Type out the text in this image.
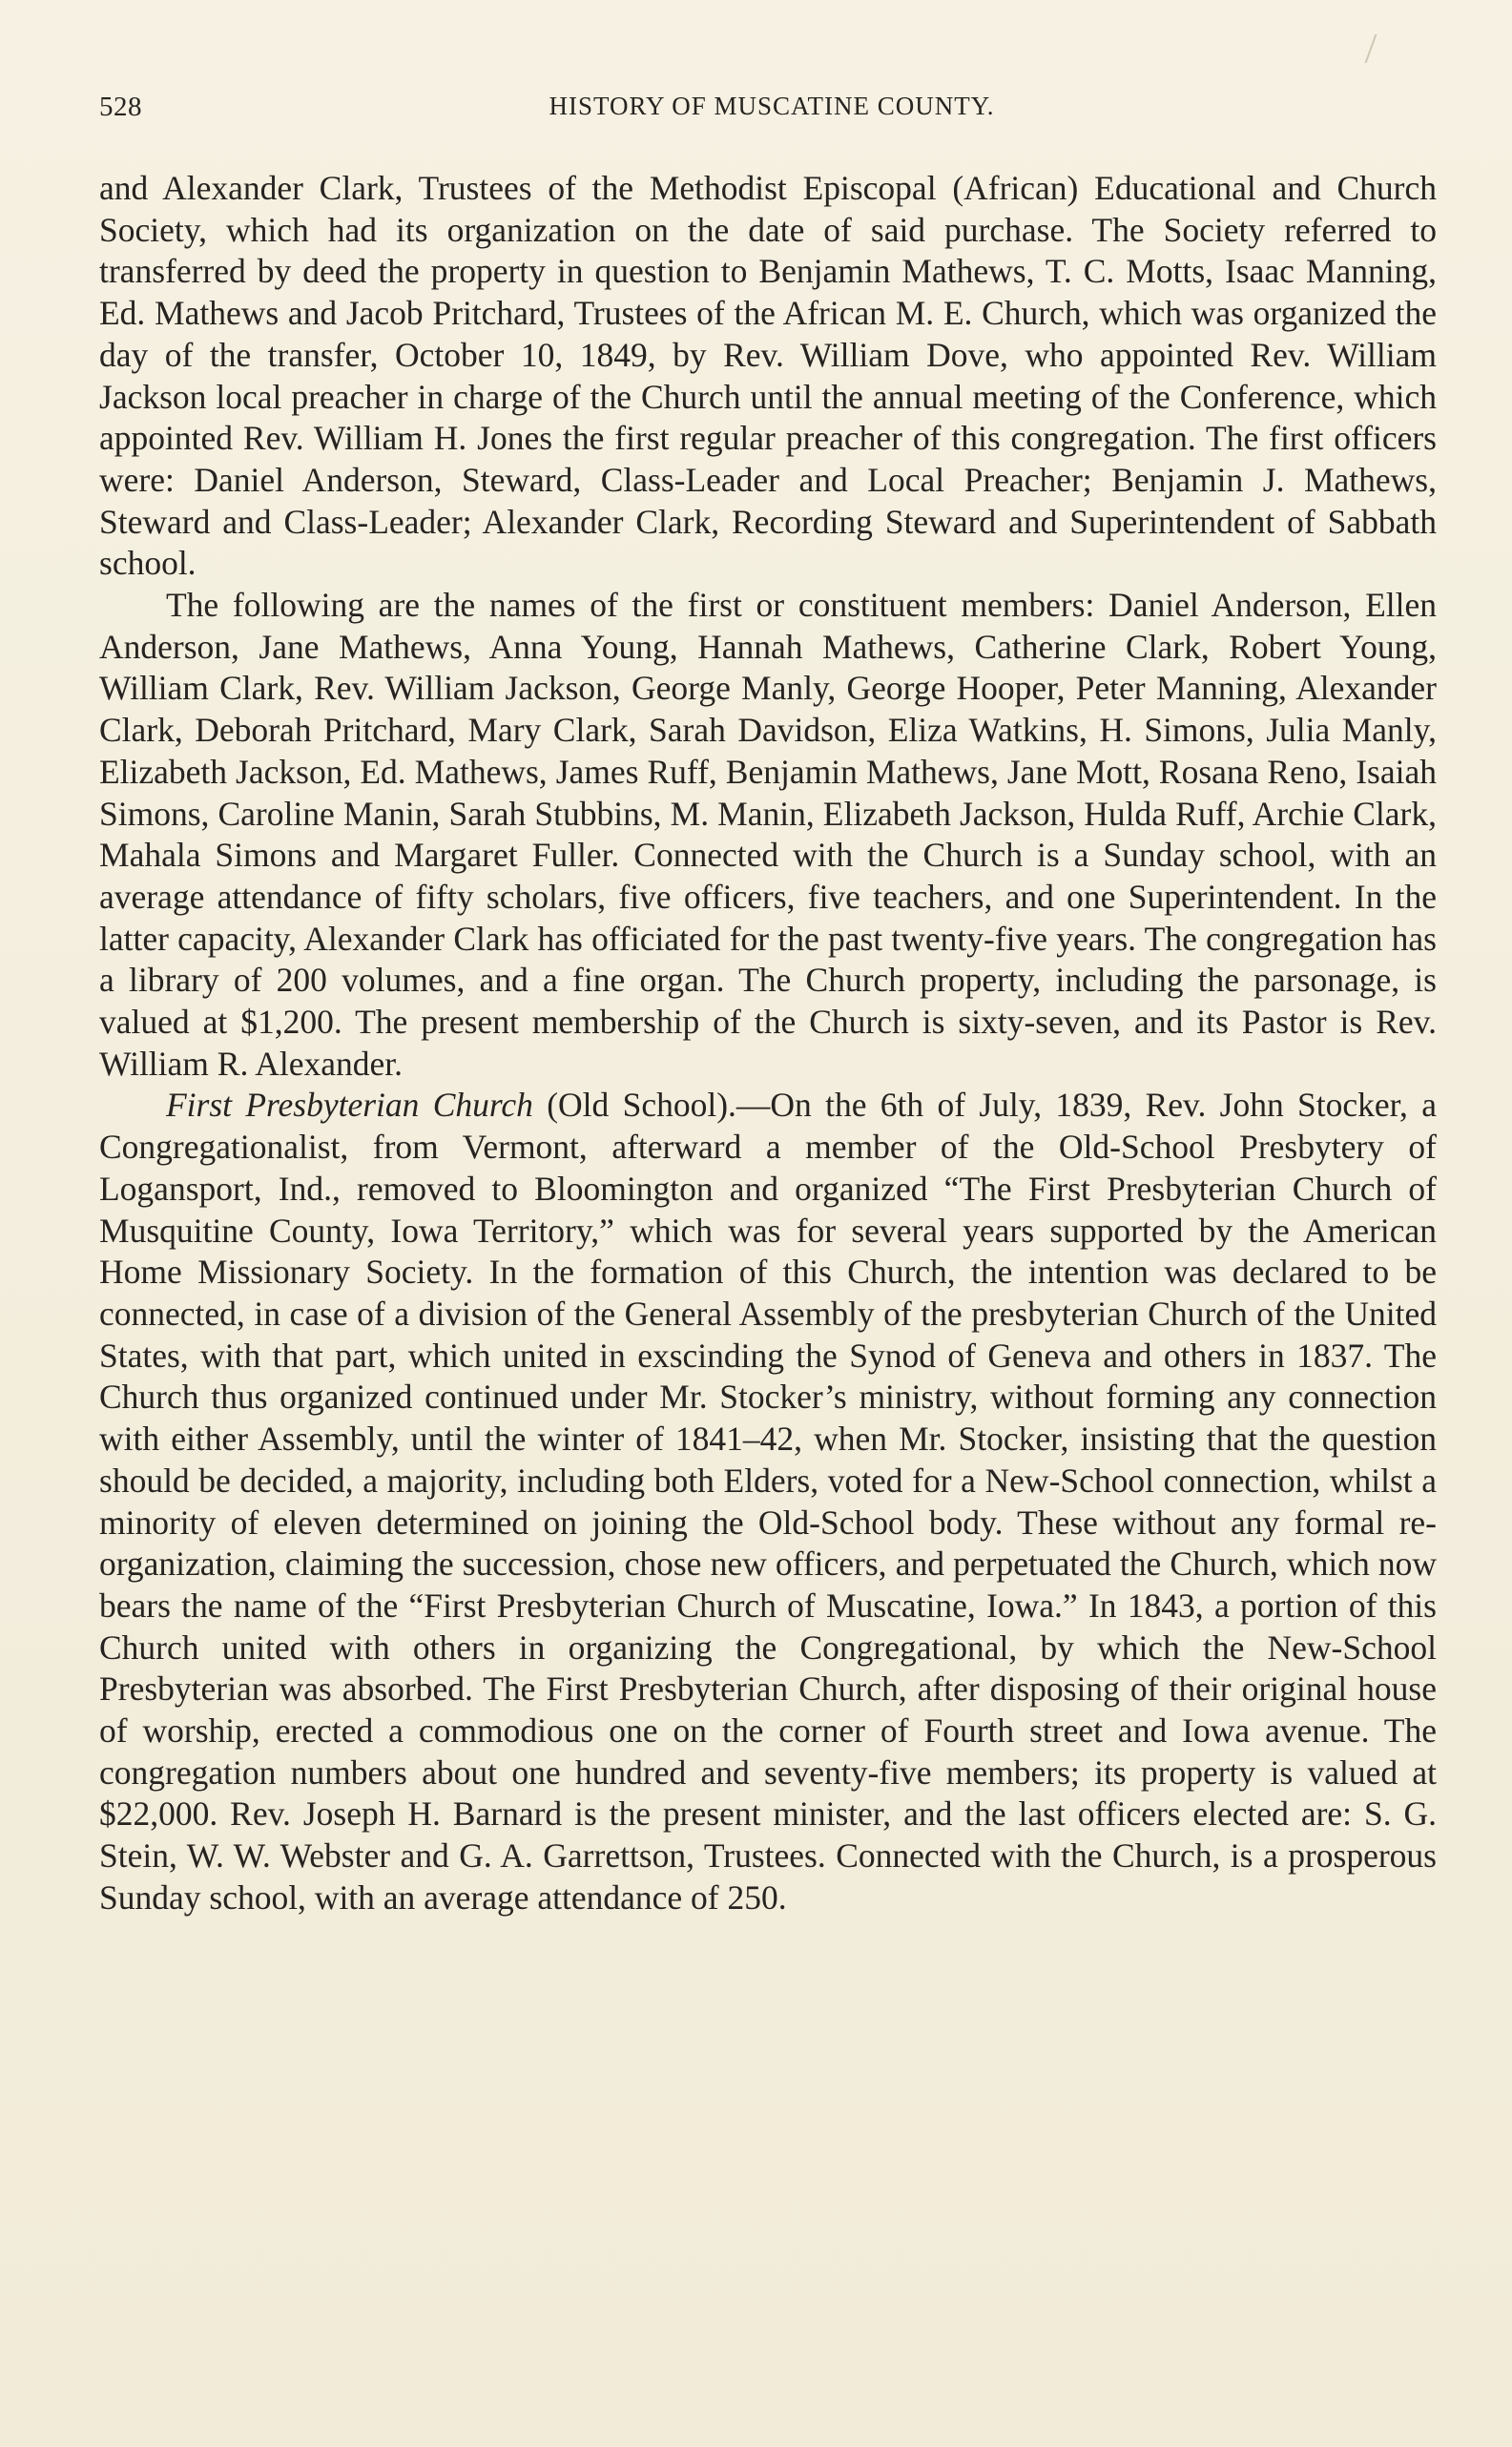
528	HISTORY OF MUSCATINE COUNTY.

and Alexander Clark, Trustees of the Methodist Episcopal (African) Educational and Church Society, which had its organization on the date of said purchase. The Society referred to transferred by deed the property in question to Benjamin Mathews, T. C. Motts, Isaac Manning, Ed. Mathews and Jacob Pritchard, Trustees of the African M. E. Church, which was organized the day of the transfer, October 10, 1849, by Rev. William Dove, who appointed Rev. William Jackson local preacher in charge of the Church until the annual meeting of the Conference, which appointed Rev. William H. Jones the first regular preacher of this congregation. The first officers were: Daniel Anderson, Steward, Class-Leader and Local Preacher; Benjamin J. Mathews, Steward and Class-Leader; Alexander Clark, Recording Steward and Superintendent of Sabbath school.

The following are the names of the first or constituent members: Daniel Anderson, Ellen Anderson, Jane Mathews, Anna Young, Hannah Mathews, Catherine Clark, Robert Young, William Clark, Rev. William Jackson, George Manly, George Hooper, Peter Manning, Alexander Clark, Deborah Pritchard, Mary Clark, Sarah Davidson, Eliza Watkins, H. Simons, Julia Manly, Elizabeth Jackson, Ed. Mathews, James Ruff, Benjamin Mathews, Jane Mott, Rosana Reno, Isaiah Simons, Caroline Manin, Sarah Stubbins, M. Manin, Elizabeth Jackson, Hulda Ruff, Archie Clark, Mahala Simons and Margaret Fuller. Connected with the Church is a Sunday school, with an average attendance of fifty scholars, five officers, five teachers, and one Superintendent. In the latter capacity, Alexander Clark has officiated for the past twenty-five years. The congregation has a library of 200 volumes, and a fine organ. The Church property, including the parsonage, is valued at $1,200. The present membership of the Church is sixty-seven, and its Pastor is Rev. William R. Alexander.

First Presbyterian Church (Old School).—On the 6th of July, 1839, Rev. John Stocker, a Congregationalist, from Vermont, afterward a member of the Old-School Presbytery of Logansport, Ind., removed to Bloomington and organized “The First Presbyterian Church of Musquitine County, Iowa Territory,” which was for several years supported by the American Home Missionary Society. In the formation of this Church, the intention was declared to be connected, in case of a division of the General Assembly of the presbyterian Church of the United States, with that part, which united in exscinding the Synod of Geneva and others in 1837. The Church thus organized continued under Mr. Stocker’s ministry, without forming any connection with either Assembly, until the winter of 1841–42, when Mr. Stocker, insisting that the question should be decided, a majority, including both Elders, voted for a New-School connection, whilst a minority of eleven determined on joining the Old-School body. These without any formal re-organization, claiming the succession, chose new officers, and perpetuated the Church, which now bears the name of the “First Presbyterian Church of Muscatine, Iowa.” In 1843, a portion of this Church united with others in organizing the Congregational, by which the New-School Presbyterian was absorbed. The First Presbyterian Church, after disposing of their original house of worship, erected a commodious one on the corner of Fourth street and Iowa avenue. The congregation numbers about one hundred and seventy-five members; its property is valued at $22,000. Rev. Joseph H. Barnard is the present minister, and the last officers elected are: S. G. Stein, W. W. Webster and G. A. Garrettson, Trustees. Connected with the Church, is a prosperous Sunday school, with an average attendance of 250.
